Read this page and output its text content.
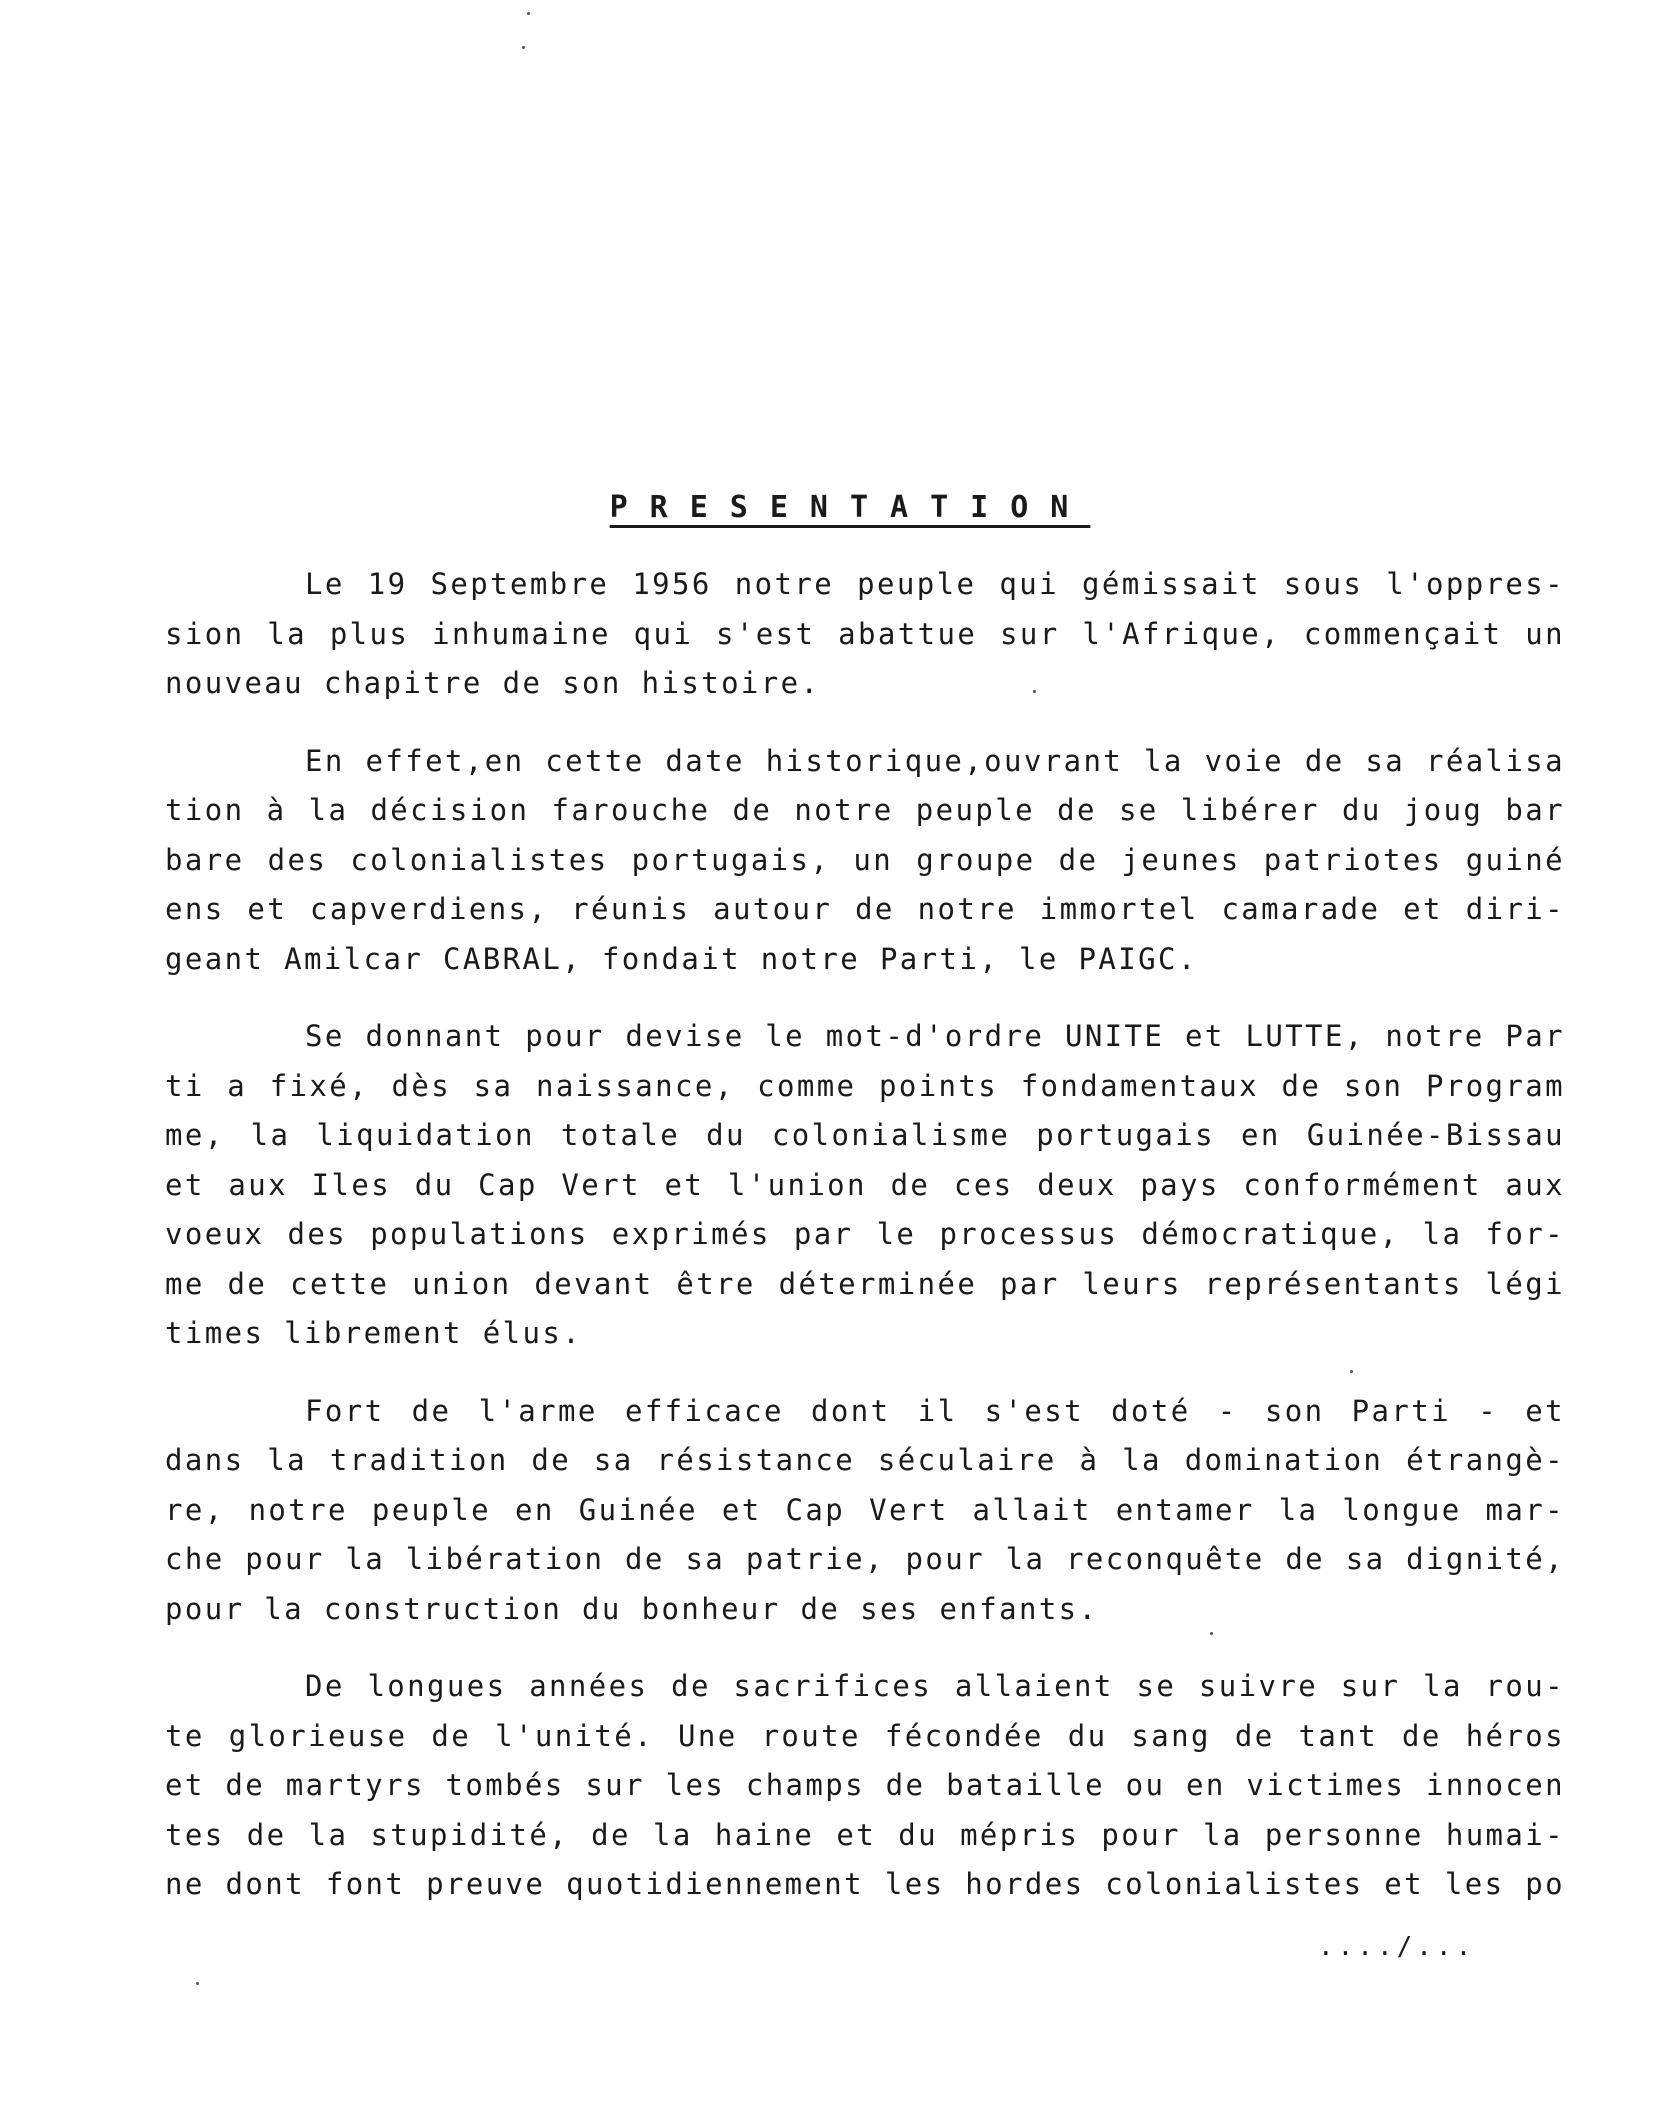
PRESENTATION
Le 19 Septembre 1956 notre peuple qui gémissait sous l'oppres-
sion la plus inhumaine qui s'est abattue sur l'Afrique, commençait un
nouveau chapitre de son histoire.
En effet,en cette date historique,ouvrant la voie de sa réalisa
tion à la décision farouche de notre peuple de se libérer du joug bar
bare des colonialistes portugais, un groupe de jeunes patriotes guiné
ens et capverdiens, réunis autour de notre immortel camarade et diri-
geant Amilcar CABRAL, fondait notre Parti, le PAIGC.
Se donnant pour devise le mot-d'ordre UNITE et LUTTE, notre Par
ti a fixé, dès sa naissance, comme points fondamentaux de son Program
me, la liquidation totale du colonialisme portugais en Guinée-Bissau
et aux Iles du Cap Vert et l'union de ces deux pays conformément aux
voeux des populations exprimés par le processus démocratique, la for-
me de cette union devant être déterminée par leurs représentants légi
times librement élus.
Fort de l'arme efficace dont il s'est doté - son Parti - et
dans la tradition de sa résistance séculaire à la domination étrangè-
re, notre peuple en Guinée et Cap Vert allait entamer la longue mar-
che pour la libération de sa patrie, pour la reconquête de sa dignité,
pour la construction du bonheur de ses enfants.
De longues années de sacrifices allaient se suivre sur la rou-
te glorieuse de l'unité. Une route fécondée du sang de tant de héros
et de martyrs tombés sur les champs de bataille ou en victimes innocen
tes de la stupidité, de la haine et du mépris pour la personne humai-
ne dont font preuve quotidiennement les hordes colonialistes et les po
..../...
